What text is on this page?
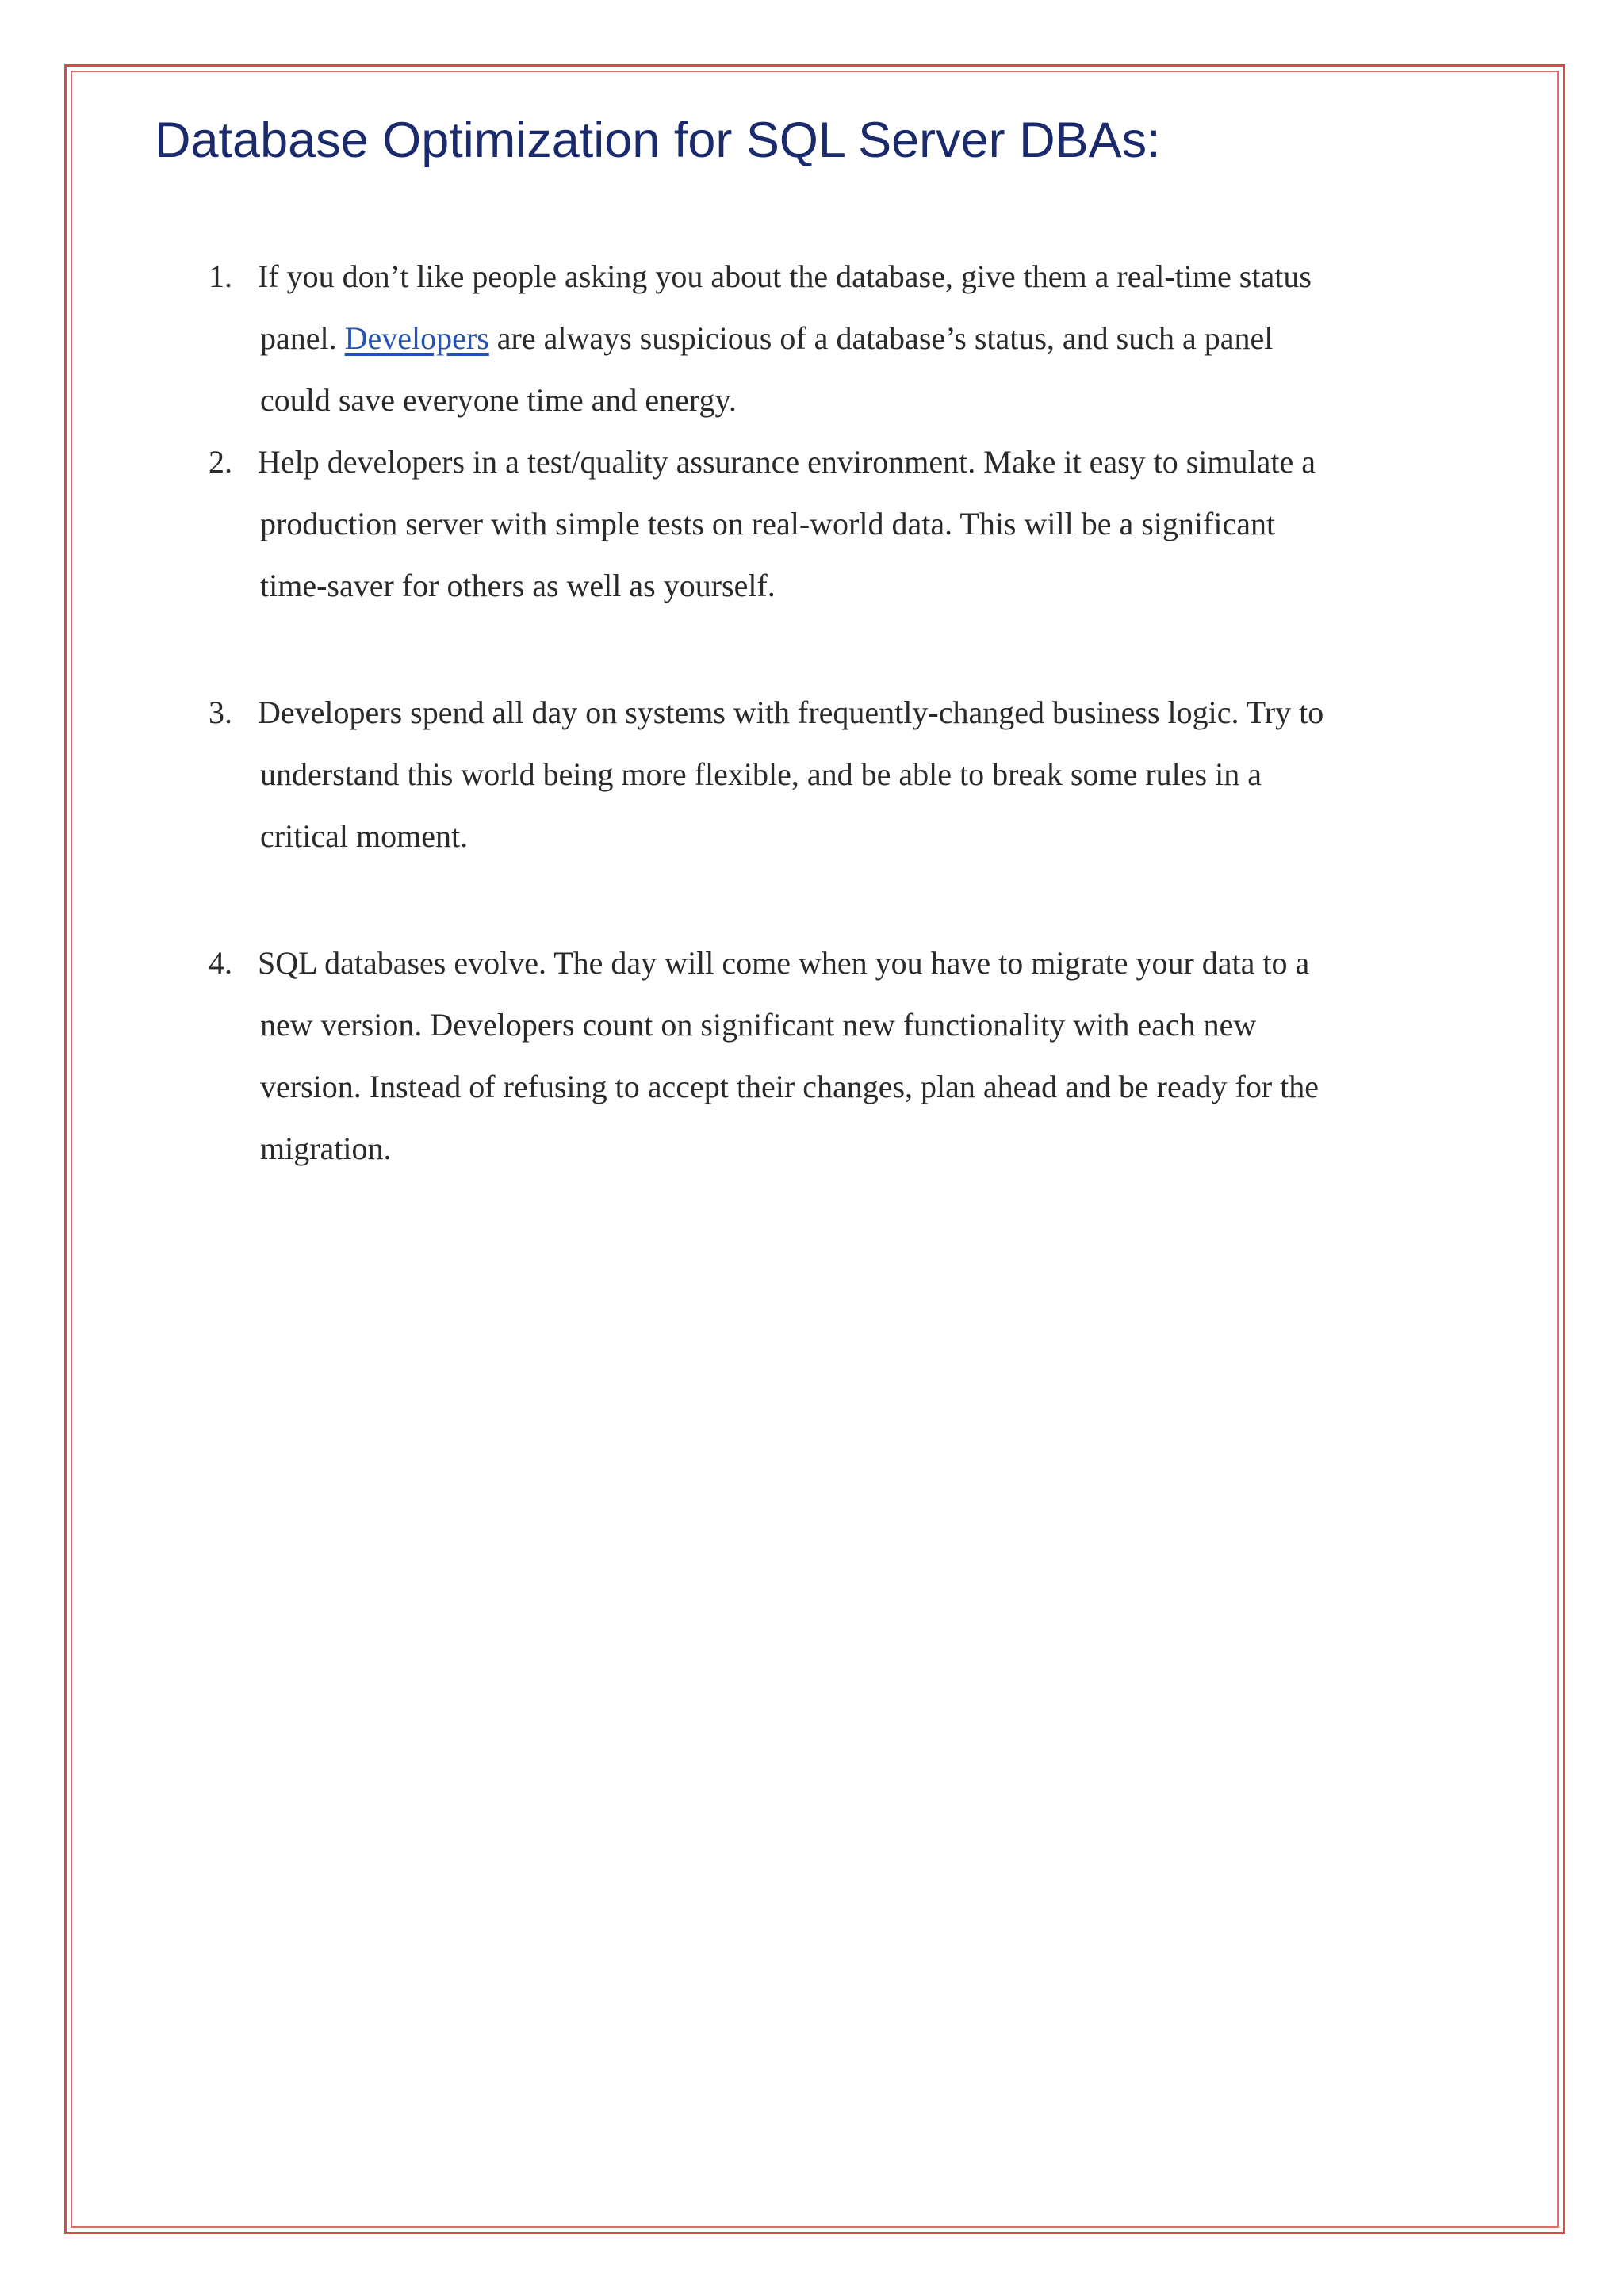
Database Optimization for SQL Server DBAs:
1. If you don’t like people asking you about the database, give them a real-time status
panel. Developers are always suspicious of a database’s status, and such a panel
could save everyone time and energy.
2. Help developers in a test/quality assurance environment. Make it easy to simulate a
production server with simple tests on real-world data. This will be a significant
time-saver for others as well as yourself.
3. Developers spend all day on systems with frequently-changed business logic. Try to
understand this world being more flexible, and be able to break some rules in a
critical moment.
4. SQL databases evolve. The day will come when you have to migrate your data to a
new version. Developers count on significant new functionality with each new
version. Instead of refusing to accept their changes, plan ahead and be ready for the
migration.
